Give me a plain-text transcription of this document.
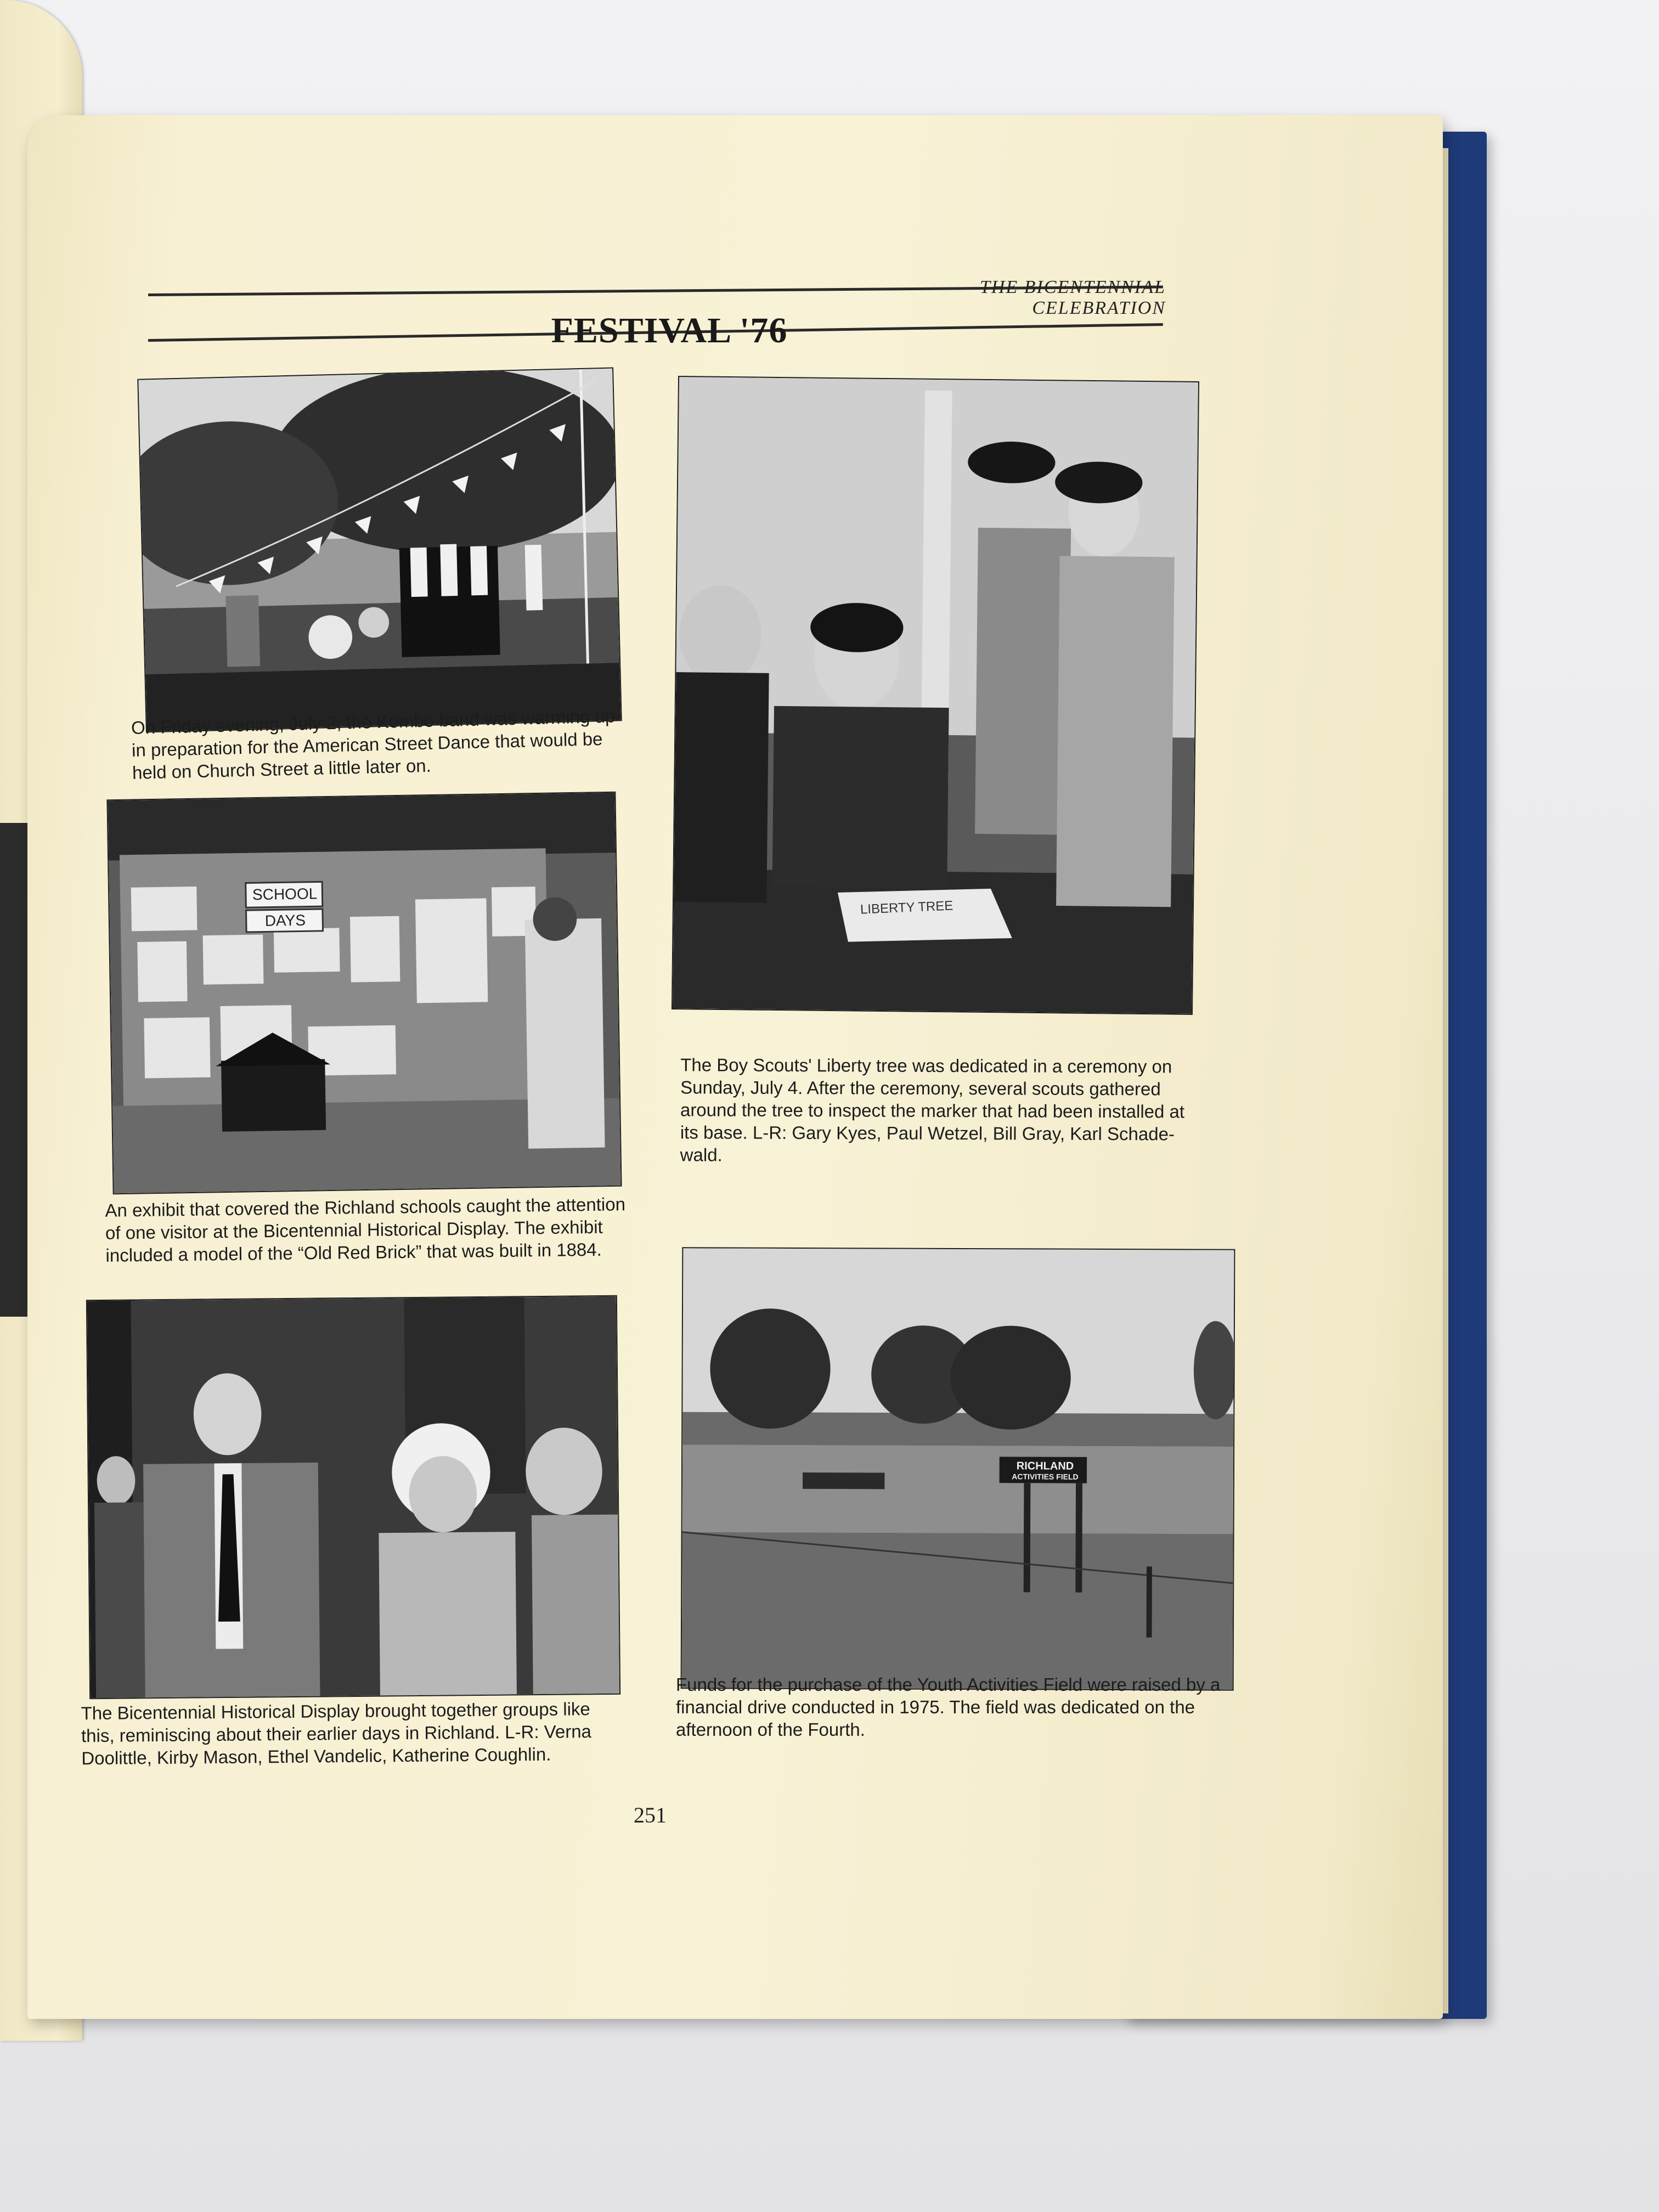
THE BICENTENNIAL CELEBRATION
FESTIVAL '76
On Friday evening, July 2, the Kombo band was warming up in preparation for the American Street Dance that would be held on Church Street a little later on.
SCHOOL
DAYS
An exhibit that covered the Richland schools caught the attention of one visitor at the Bicentennial Historical Display. The exhibit included a model of the “Old Red Brick” that was built in 1884.
The Bicentennial Historical Display brought together groups like this, reminiscing about their earlier days in Richland. L-R: Verna Doolittle, Kirby Mason, Ethel Vandelic, Katherine Coughlin.
LIBERTY TREE
The Boy Scouts' Liberty tree was dedicated in a ceremony on Sunday, July 4. After the ceremony, several scouts gathered around the tree to inspect the marker that had been installed at its base. L-R: Gary Kyes, Paul Wetzel, Bill Gray, Karl Schade-wald.
RICHLAND
ACTIVITIES FIELD
Funds for the purchase of the Youth Activities Field were raised by a financial drive conducted in 1975. The field was dedicated on the afternoon of the Fourth.
251
